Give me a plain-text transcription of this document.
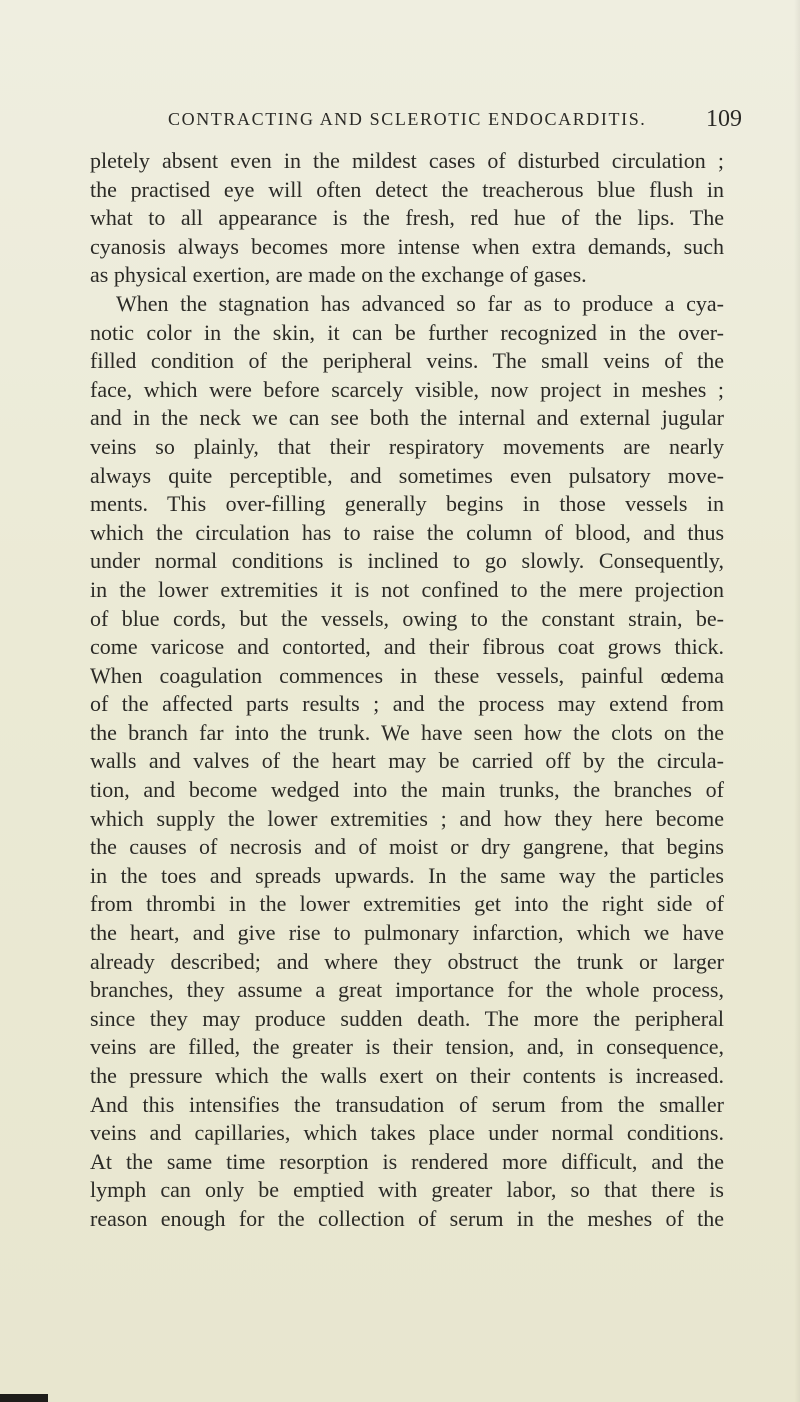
CONTRACTING AND SCLEROTIC ENDOCARDITIS. 109
pletely absent even in the mildest cases of disturbed circulation ;
the practised eye will often detect the treacherous blue flush in
what to all appearance is the fresh, red hue of the lips. The
cyanosis always becomes more intense when extra demands, such
as physical exertion, are made on the exchange of gases.
When the stagnation has advanced so far as to produce a cya-
notic color in the skin, it can be further recognized in the over-
filled condition of the peripheral veins. The small veins of the
face, which were before scarcely visible, now project in meshes ;
and in the neck we can see both the internal and external jugular
veins so plainly, that their respiratory movements are nearly
always quite perceptible, and sometimes even pulsatory move-
ments. This over-filling generally begins in those vessels in
which the circulation has to raise the column of blood, and thus
under normal conditions is inclined to go slowly. Consequently,
in the lower extremities it is not confined to the mere projection
of blue cords, but the vessels, owing to the constant strain, be-
come varicose and contorted, and their fibrous coat grows thick.
When coagulation commences in these vessels, painful œdema
of the affected parts results ; and the process may extend from
the branch far into the trunk. We have seen how the clots on the
walls and valves of the heart may be carried off by the circula-
tion, and become wedged into the main trunks, the branches of
which supply the lower extremities ; and how they here become
the causes of necrosis and of moist or dry gangrene, that begins
in the toes and spreads upwards. In the same way the particles
from thrombi in the lower extremities get into the right side of
the heart, and give rise to pulmonary infarction, which we have
already described; and where they obstruct the trunk or larger
branches, they assume a great importance for the whole process,
since they may produce sudden death. The more the peripheral
veins are filled, the greater is their tension, and, in consequence,
the pressure which the walls exert on their contents is increased.
And this intensifies the transudation of serum from the smaller
veins and capillaries, which takes place under normal conditions.
At the same time resorption is rendered more difficult, and the
lymph can only be emptied with greater labor, so that there is
reason enough for the collection of serum in the meshes of the
